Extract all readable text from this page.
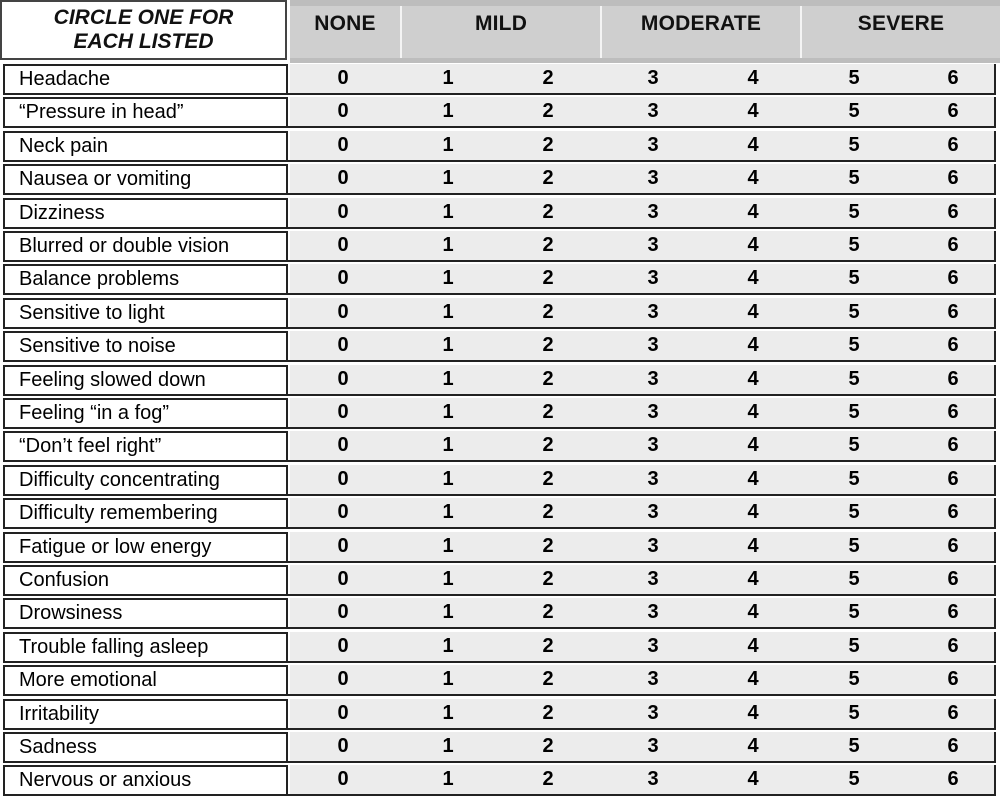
CIRCLE ONE FOR
EACH LISTED
NONE	MILD	MODERATE	SEVERE
Headache	0	1	2	3	4	5	6
“Pressure in head”	0	1	2	3	4	5	6
Neck pain	0	1	2	3	4	5	6
Nausea or vomiting	0	1	2	3	4	5	6
Dizziness	0	1	2	3	4	5	6
Blurred or double vision	0	1	2	3	4	5	6
Balance problems	0	1	2	3	4	5	6
Sensitive to light	0	1	2	3	4	5	6
Sensitive to noise	0	1	2	3	4	5	6
Feeling slowed down	0	1	2	3	4	5	6
Feeling “in a fog”	0	1	2	3	4	5	6
“Don’t feel right”	0	1	2	3	4	5	6
Difficulty concentrating	0	1	2	3	4	5	6
Difficulty remembering	0	1	2	3	4	5	6
Fatigue or low energy	0	1	2	3	4	5	6
Confusion	0	1	2	3	4	5	6
Drowsiness	0	1	2	3	4	5	6
Trouble falling asleep	0	1	2	3	4	5	6
More emotional	0	1	2	3	4	5	6
Irritability	0	1	2	3	4	5	6
Sadness	0	1	2	3	4	5	6
Nervous or anxious	0	1	2	3	4	5	6
